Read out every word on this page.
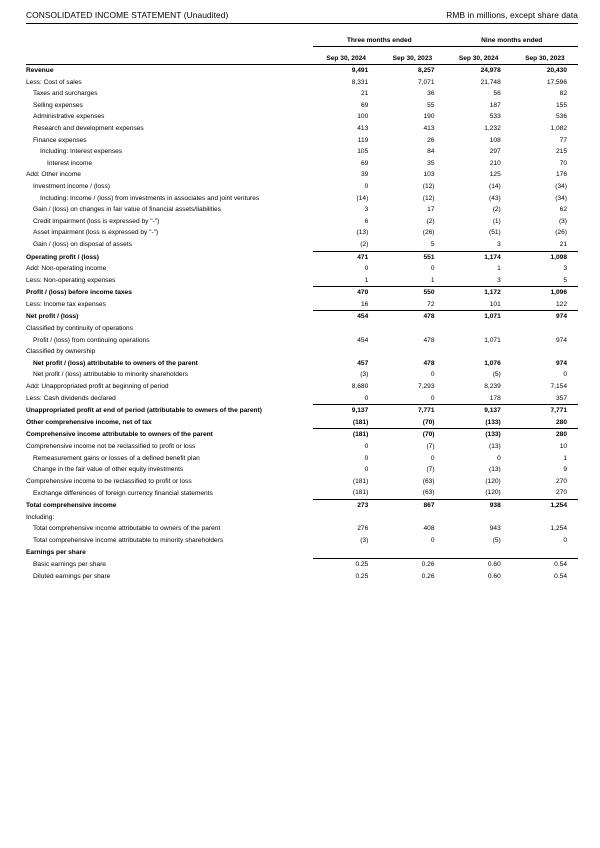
CONSOLIDATED INCOME STATEMENT (Unaudited)	RMB in millions, except share data

	Three months ended		Nine months ended	

	Sep 30, 2024	Sep 30, 2023	Sep 30, 2024	Sep 30, 2023
Revenue	9,491	8,257	24,978	20,430
Less: Cost of sales	8,331	7,071	21,748	17,596
Taxes and surcharges	21	36	56	82
Selling expenses	69	55	187	155
Administrative expenses	100	190	533	536
Research and development expenses	413	413	1,232	1,082
Finance expenses	119	26	108	77
Including: Interest expenses	105	84	297	215
Interest income	69	35	210	70
Add: Other income	39	103	125	176
Investment income / (loss)	0	(12)	(14)	(34)
Including: Income / (loss) from investments in associates and joint ventures	(14)	(12)	(43)	(34)
Gain / (loss) on changes in fair value of financial assets/liabilities	3	17	(2)	62
Credit impairment (loss is expressed by "-")	6	(2)	(1)	(3)
Asset impairment (loss is expressed by "-")	(13)	(26)	(51)	(26)
Gain / (loss) on disposal of assets	(2)	5	3	21
Operating profit / (loss)	471	551	1,174	1,098
Add: Non-operating income	0	0	1	3
Less: Non-operating expenses	1	1	3	5
Profit / (loss) before income taxes	470	550	1,172	1,096
Less: Income tax expenses	16	72	101	122
Net profit / (loss)	454	478	1,071	974
Classified by continuity of operations				
Profit / (loss) from continuing operations	454	478	1,071	974
Classified by ownership				
Net profit / (loss) attributable to owners of the parent	457	478	1,076	974
Net profit / (loss) attributable to minority shareholders	(3)	0	(5)	0
Add: Unappropriated profit at beginning of period	8,680	7,293	8,239	7,154
Less: Cash dividends declared	0	0	178	357
Unappropriated profit at end of period (attributable to owners of the parent)	9,137	7,771	9,137	7,771
Other comprehensive income, net of tax	(181)	(70)	(133)	280
Comprehensive income attributable to owners of the parent	(181)	(70)	(133)	280
Comprehensive income not be reclassified to profit or loss	0	(7)	(13)	10
Remeasurement gains or losses of a defined benefit plan	0	0	0	1
Change in the fair value of other equity investments	0	(7)	(13)	9
Comprehensive income to be reclassified to profit or loss	(181)	(63)	(120)	270
Exchange differences of foreign currency financial statements	(181)	(63)	(120)	270
Total comprehensive income	273	867	938	1,254
Including:				
Total comprehensive income attributable to owners of the parent	276	408	943	1,254
Total comprehensive income attributable to minority shareholders	(3)	0	(5)	0
Earnings per share				
Basic earnings per share	0.25	0.26	0.60	0.54
Diluted earnings per share	0.25	0.26	0.60	0.54
